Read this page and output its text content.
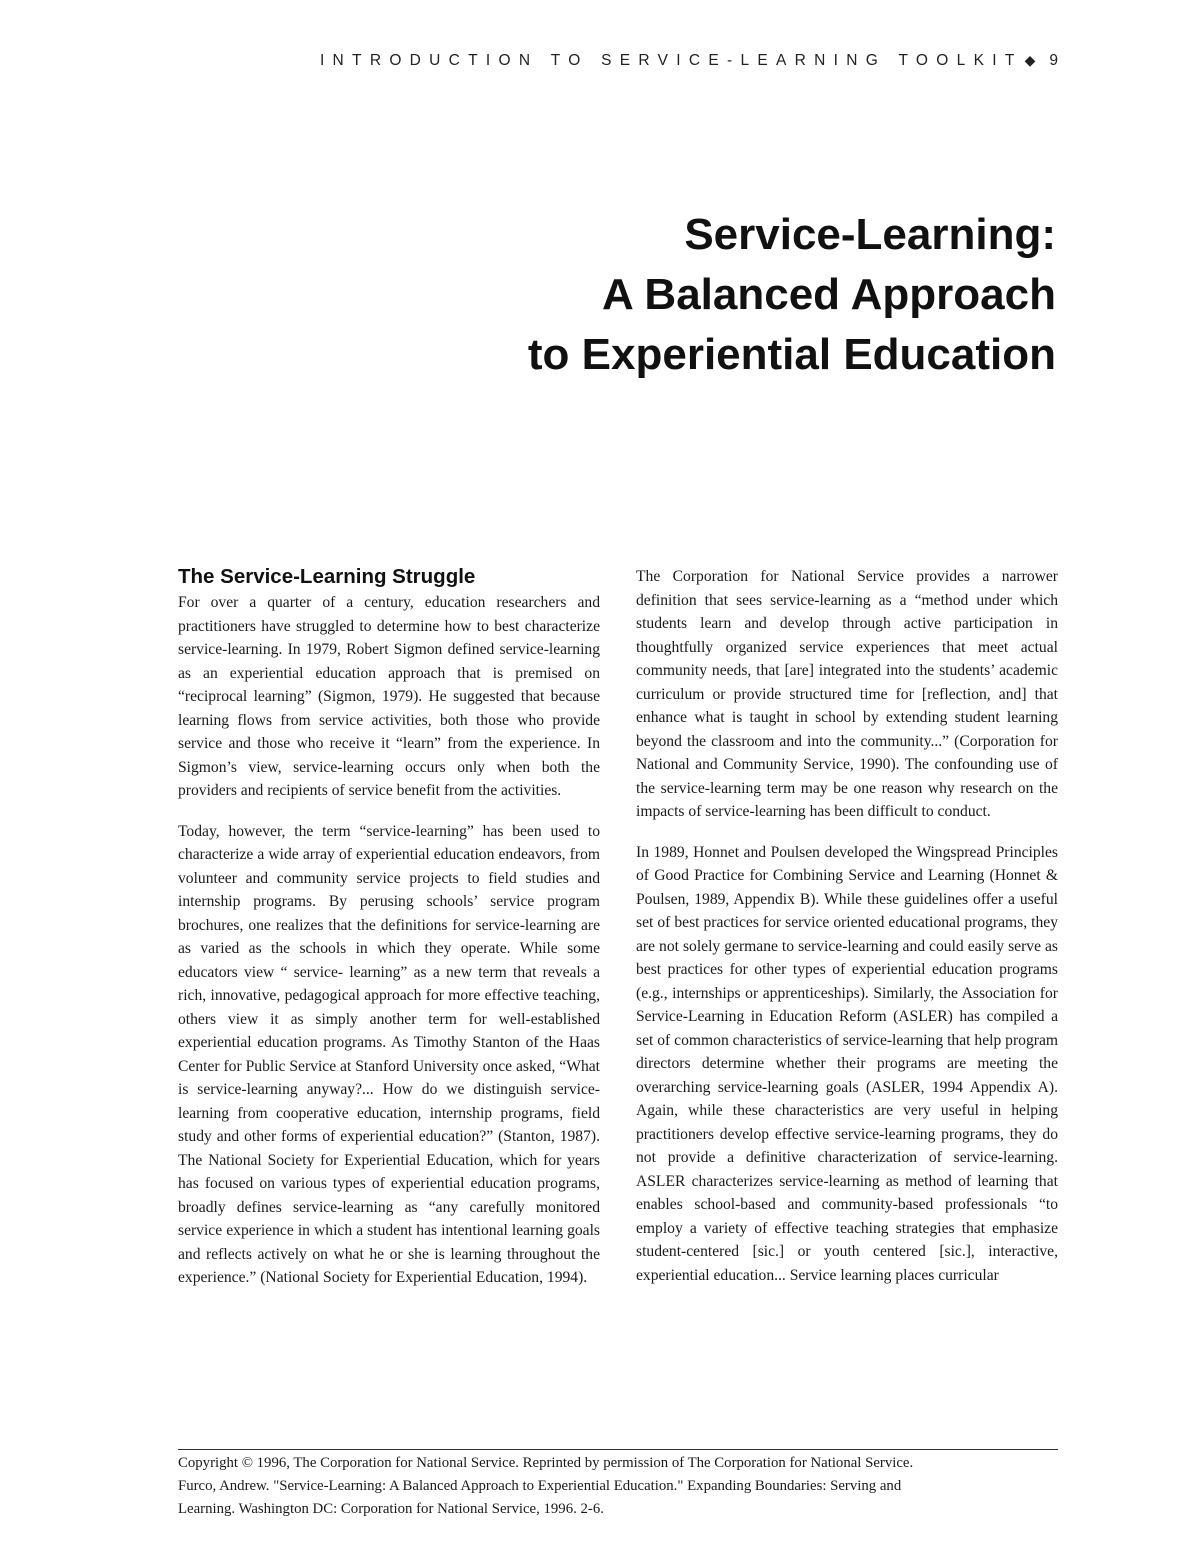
INTRODUCTION TO SERVICE-LEARNING TOOLKIT ◆ 9
Service-Learning:
A Balanced Approach
to Experiential Education
The Service-Learning Struggle

For over a quarter of a century, education researchers and practitioners have struggled to determine how to best characterize service-learning. In 1979, Robert Sigmon defined service-learning as an experiential education approach that is premised on “reciprocal learning” (Sigmon, 1979). He suggested that because learning flows from service activities, both those who provide service and those who receive it “learn” from the experience. In Sigmon’s view, service-learning occurs only when both the providers and recipients of service benefit from the activities.

Today, however, the term “service-learning” has been used to characterize a wide array of experiential education endeavors, from volunteer and community service projects to field studies and internship programs. By perusing schools’ service program brochures, one realizes that the definitions for service-learning are as varied as the schools in which they operate. While some educators view “ service- learning” as a new term that reveals a rich, innovative, pedagogical approach for more effective teaching, others view it as simply another term for well-established experiential education programs. As Timothy Stanton of the Haas Center for Public Service at Stanford University once asked, “What is service-learning anyway?... How do we distinguish service-learning from cooperative education, internship programs, field study and other forms of experiential education?” (Stanton, 1987). The National Society for Experiential Education, which for years has focused on various types of experiential education programs, broadly defines service-learning as “any carefully monitored service experience in which a student has intentional learning goals and reflects actively on what he or she is learning throughout the experience.” (National Society for Experiential Education, 1994).

The Corporation for National Service provides a narrower definition that sees service-learning as a “method under which students learn and develop through active participation in thoughtfully organized service experiences that meet actual community needs, that [are] integrated into the students’ academic curriculum or provide structured time for [reflection, and] that enhance what is taught in school by extending student learning beyond the classroom and into the community...” (Corporation for National and Community Service, 1990). The confounding use of the service-learning term may be one reason why research on the impacts of service-learning has been difficult to conduct.

In 1989, Honnet and Poulsen developed the Wingspread Principles of Good Practice for Combining Service and Learning (Honnet & Poulsen, 1989, Appendix B). While these guidelines offer a useful set of best practices for service oriented educational programs, they are not solely germane to service-learning and could easily serve as best practices for other types of experiential education programs (e.g., internships or apprenticeships). Similarly, the Association for Service-Learning in Education Reform (ASLER) has compiled a set of common characteristics of service-learning that help program directors determine whether their programs are meeting the overarching service-learning goals (ASLER, 1994 Appendix A). Again, while these characteristics are very useful in helping practitioners develop effective service-learning programs, they do not provide a definitive characterization of service-learning. ASLER characterizes service-learning as method of learning that enables school-based and community-based professionals “to employ a variety of effective teaching strategies that emphasize student-centered [sic.] or youth centered [sic.], interactive, experiential education... Service learning places curricular

Copyright © 1996, The Corporation for National Service. Reprinted by permission of The Corporation for National Service.
Furco, Andrew. "Service-Learning: A Balanced Approach to Experiential Education." Expanding Boundaries: Serving and
Learning. Washington DC: Corporation for National Service, 1996. 2-6.
